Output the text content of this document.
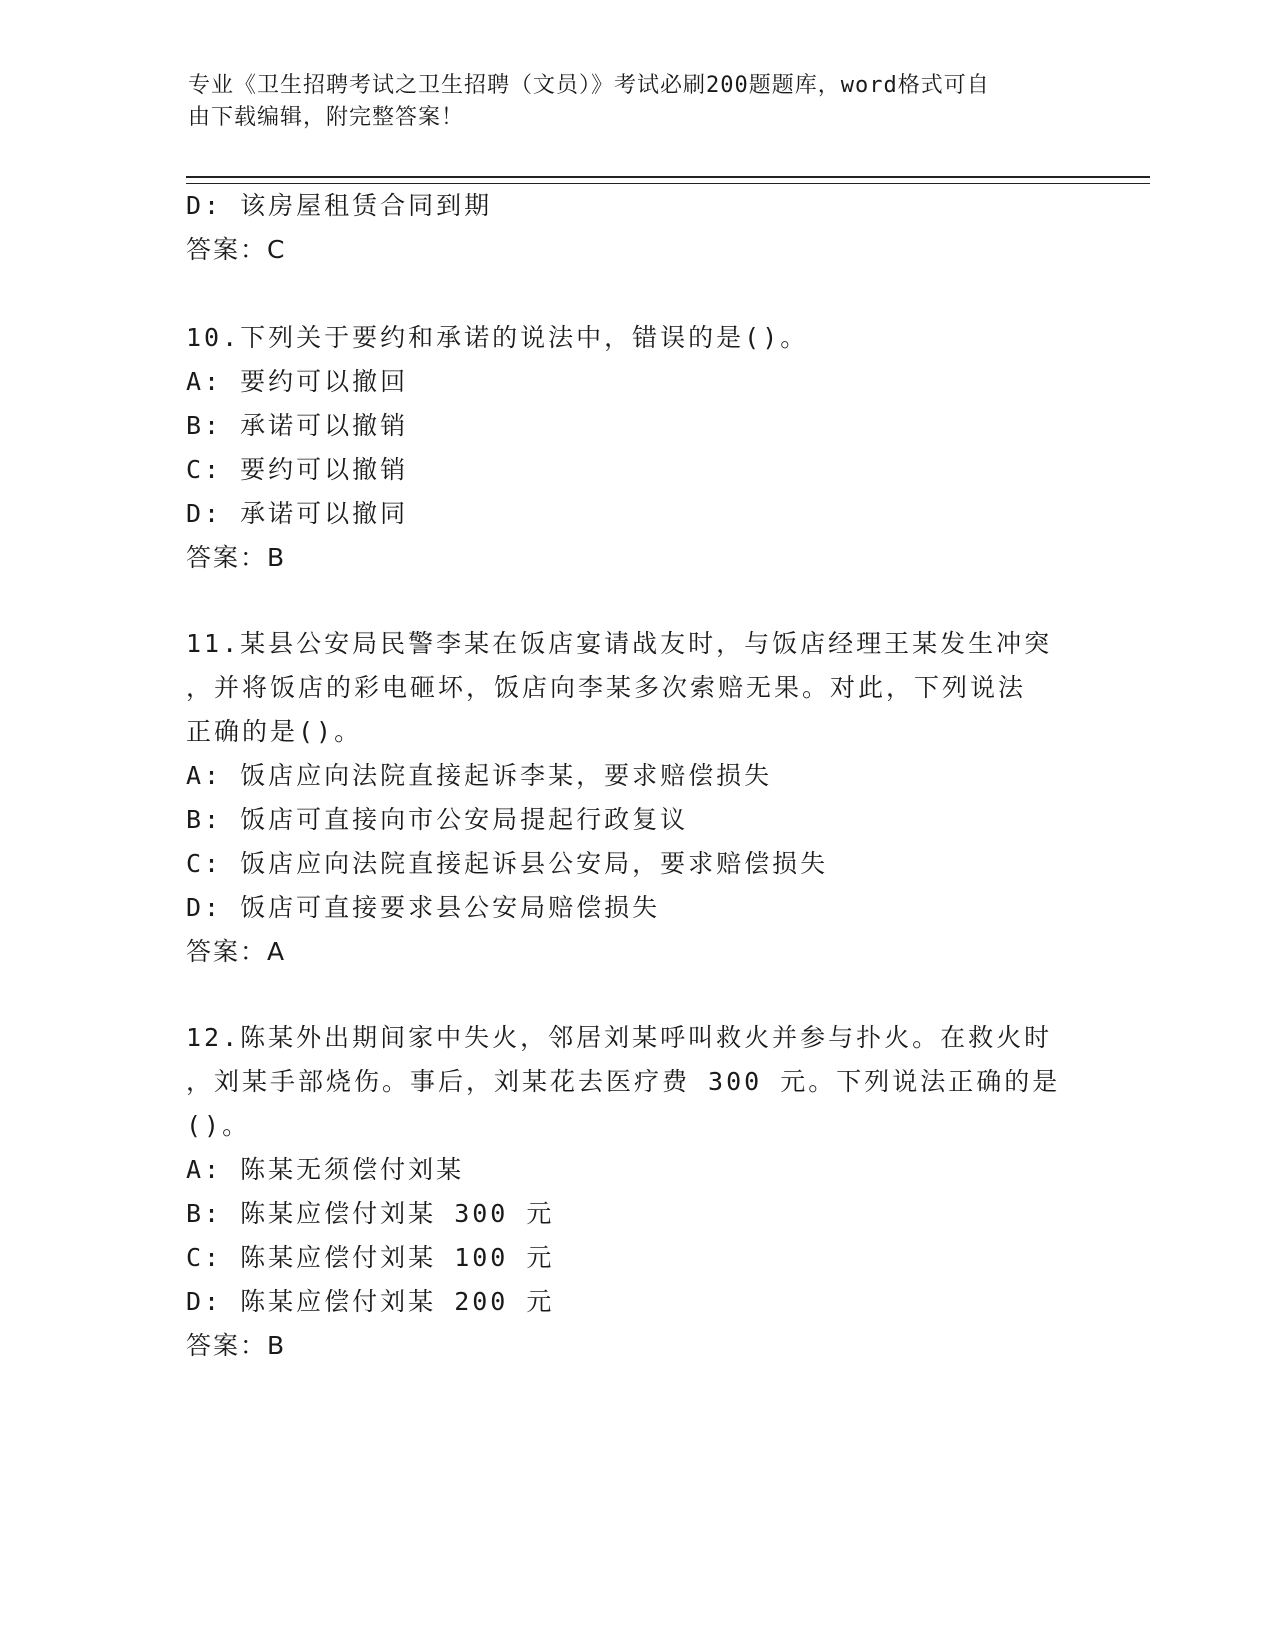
专业《卫生招聘考试之卫生招聘（文员）》考试必刷200题题库，word格式可自
由下载编辑，附完整答案！
D: 该房屋租赁合同到期
答案：C
10.下列关于要约和承诺的说法中，错误的是()。
A: 要约可以撤回
B: 承诺可以撤销
C: 要约可以撤销
D: 承诺可以撤同
答案：B
11.某县公安局民警李某在饭店宴请战友时，与饭店经理王某发生冲突
，并将饭店的彩电砸坏，饭店向李某多次索赔无果。对此，下列说法
正确的是()。
A: 饭店应向法院直接起诉李某，要求赔偿损失
B: 饭店可直接向市公安局提起行政复议
C: 饭店应向法院直接起诉县公安局，要求赔偿损失
D: 饭店可直接要求县公安局赔偿损失
答案：A
12.陈某外出期间家中失火，邻居刘某呼叫救火并参与扑火。在救火时
，刘某手部烧伤。事后，刘某花去医疗费 300 元。下列说法正确的是
()。
A: 陈某无须偿付刘某
B: 陈某应偿付刘某 300 元
C: 陈某应偿付刘某 100 元
D: 陈某应偿付刘某 200 元
答案：B
